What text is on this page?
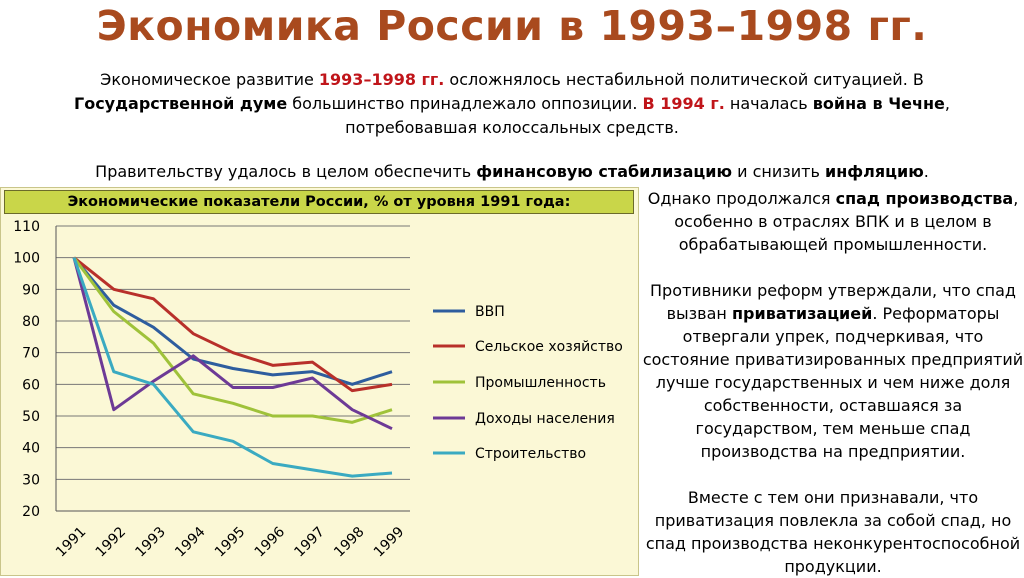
Экономика России в 1993–1998 гг.
Экономическое развитие 1993–1998 гг. осложнялось нестабильной политической ситуацией. В Государственной думе большинство принадлежало оппозиции. В 1994 г. началась война в Чечне, потребовавшая колоссальных средств.
Правительству удалось в целом обеспечить финансовую стабилизацию и снизить инфляцию.
Экономические показатели России, % от уровня 1991 года:
20
30
40
50
60
70
80
90
100
110
1991 1992 1993 1994 1995 1996 1997 1998 1999
ВВП
Сельское хозяйство
Промышленность
Доходы населения
Строительство

Однако продолжался спад производства, особенно в отраслях ВПК и в целом в обрабатывающей промышленности.

Противники реформ утверждали, что спад вызван приватизацией. Реформаторы отвергали упрек, подчеркивая, что состояние приватизированных предприятий лучше государственных и чем ниже доля собственности, оставшаяся за государством, тем меньше спад производства на предприятии.

Вместе с тем они признавали, что приватизация повлекла за собой спад, но спад производства неконкурентоспособной продукции.
